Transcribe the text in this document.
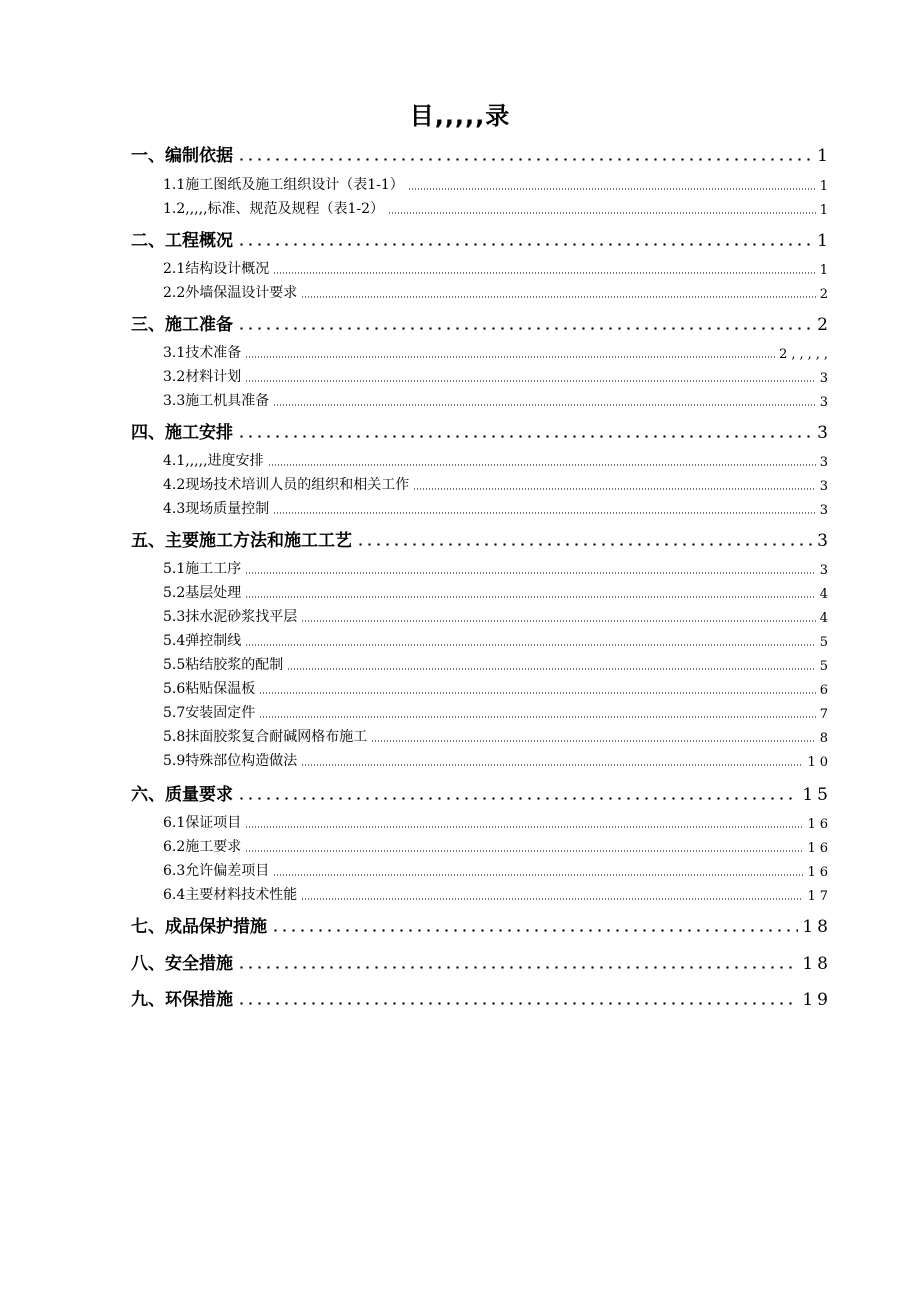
目,,,,,录
一、编制依据	1
1.1施工图纸及施工组织设计（表1-1）	1
1.2,,,,,标准、规范及规程（表1-2）	1
二、工程概况	1
2.1结构设计概况	1
2.2外墙保温设计要求	2
三、施工准备	2
3.1技术准备	2,,,,,
3.2材料计划	3
3.3施工机具准备	3
四、施工安排	3
4.1,,,,,进度安排	3
4.2现场技术培训人员的组织和相关工作	3
4.3现场质量控制	3
五、主要施工方法和施工工艺	3
5.1施工工序	3
5.2基层处理	4
5.3抹水泥砂浆找平层	4
5.4弹控制线	5
5.5粘结胶浆的配制	5
5.6粘贴保温板	6
5.7安装固定件	7
5.8抹面胶浆复合耐碱网格布施工	8
5.9特殊部位构造做法	10
六、质量要求	15
6.1保证项目	16
6.2施工要求	16
6.3允许偏差项目	16
6.4主要材料技术性能	17
七、成品保护措施	18
八、安全措施	18
九、环保措施	19
